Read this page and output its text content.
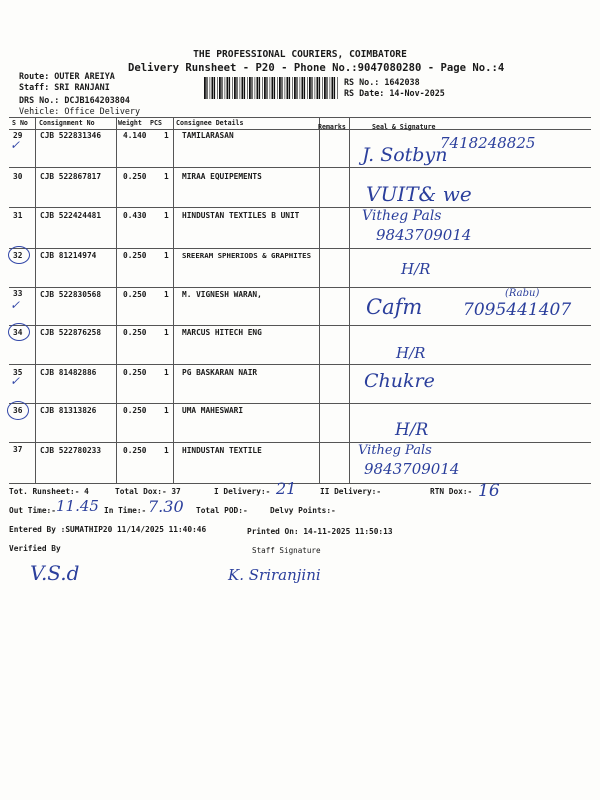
THE PROFESSIONAL COURIERS, COIMBATORE
Delivery Runsheet - P20 - Phone No.:9047080280 - Page No.:4
Route: OUTER AREIYA
Staff: SRI RANJANI
DRS No.: DCJB164203804
Vehicle: Office Delivery
RS No.: 1642038
RS Date: 14-Nov-2025
S No Consignment No	Weight PCS Consignee Details	Remarks	Seal & Signature
29 CJB 522831346	4.140 1 TAMILARASAN
J. Sotbyn
7418248825
✓
30 CJB 522867817	0.250 1 MIRAA EQUIPEMENTS
VUIT& we
31 CJB 522424481	0.430 1 HINDUSTAN TEXTILES B UNIT	Vitheg Pals
9843709014
32 CJB 81214974	0.250 1 SREERAM SPHERIODS & GRAPHITES
H/R
33 CJB 522830568	0.250 1 M. VIGNESH WARAN,
Cafm
(Rabu)
7095441407
✓
34 CJB 522876258	0.250 1 MARCUS HITECH ENG
H/R
35 CJB 81482886	0.250 1 PG BASKARAN NAIR	Chukre
✓
36 CJB 81313826	0.250 1 UMA MAHESWARI
H/R
37 CJB 522780233	0.250 1 HINDUSTAN TEXTILE	Vitheg Pals
9843709014
Tot. Runsheet:- 4	Total Dox:- 37	I Delivery:- 21	II Delivery:-	RTN Dox:- 16
Out Time:- 11.45 In Time:- 7.30 Total POD:-	Delvy Points:-
Entered By :SUMATHIP20 11/14/2025 11:40:46	Printed On: 14-11-2025 11:50:13
Verified By	Staff Signature
V.S.d	K. Sriranjini
